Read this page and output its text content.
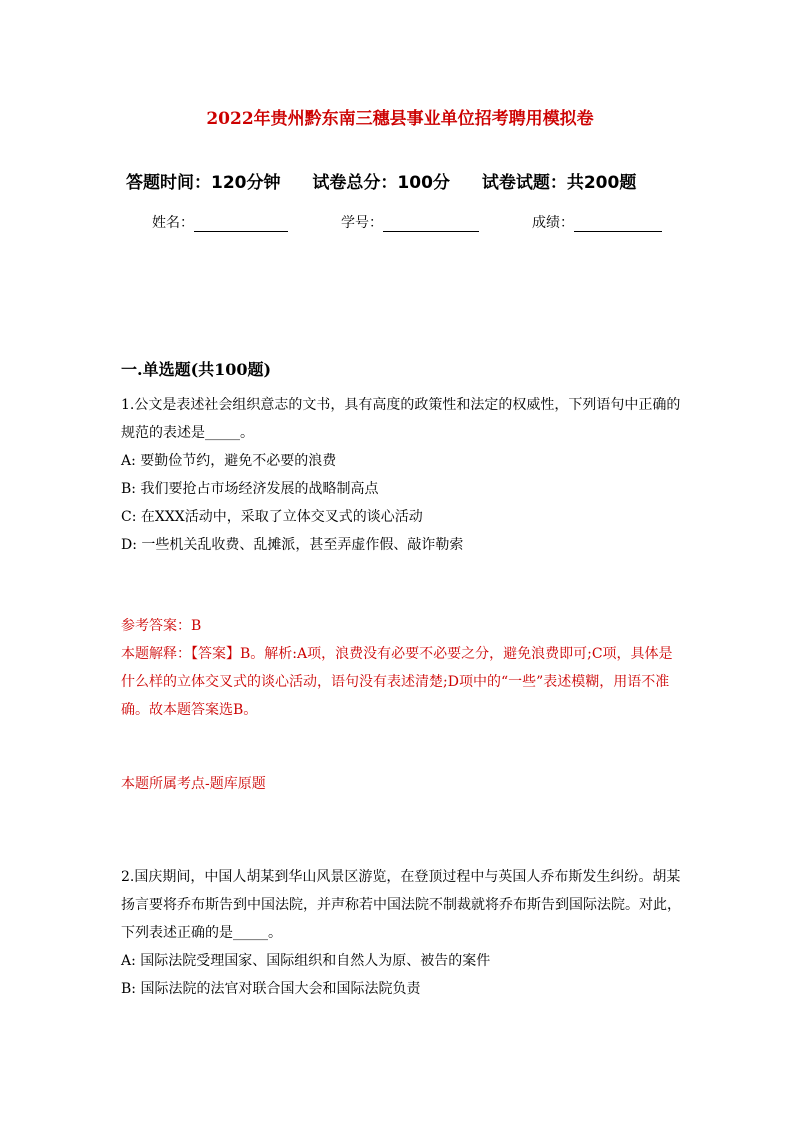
2022年贵州黔东南三穗县事业单位招考聘用模拟卷
答题时间：120分钟 试卷总分：100分 试卷试题：共200题
姓名：	学号：	成绩：
一.单选题(共100题)

1.公文是表述社会组织意志的文书，具有高度的政策性和法定的权威性，下列语句中正确的规范的表述是_____。

A: 要勤俭节约，避免不必要的浪费

B: 我们要抢占市场经济发展的战略制高点

C: 在XXX活动中，采取了立体交叉式的谈心活动

D: 一些机关乱收费、乱摊派，甚至弄虚作假、敲诈勒索

参考答案：B

本题解释：【答案】B。解析:A项，浪费没有必要不必要之分，避免浪费即可;C项，具体是什么样的立体交叉式的谈心活动，语句没有表述清楚;D项中的“一些”表述模糊，用语不准确。故本题答案选B。

本题所属考点-题库原题

2.国庆期间，中国人胡某到华山风景区游览，在登顶过程中与英国人乔布斯发生纠纷。胡某扬言要将乔布斯告到中国法院，并声称若中国法院不制裁就将乔布斯告到国际法院。对此，下列表述正确的是_____。

A: 国际法院受理国家、国际组织和自然人为原、被告的案件

B: 国际法院的法官对联合国大会和国际法院负责
